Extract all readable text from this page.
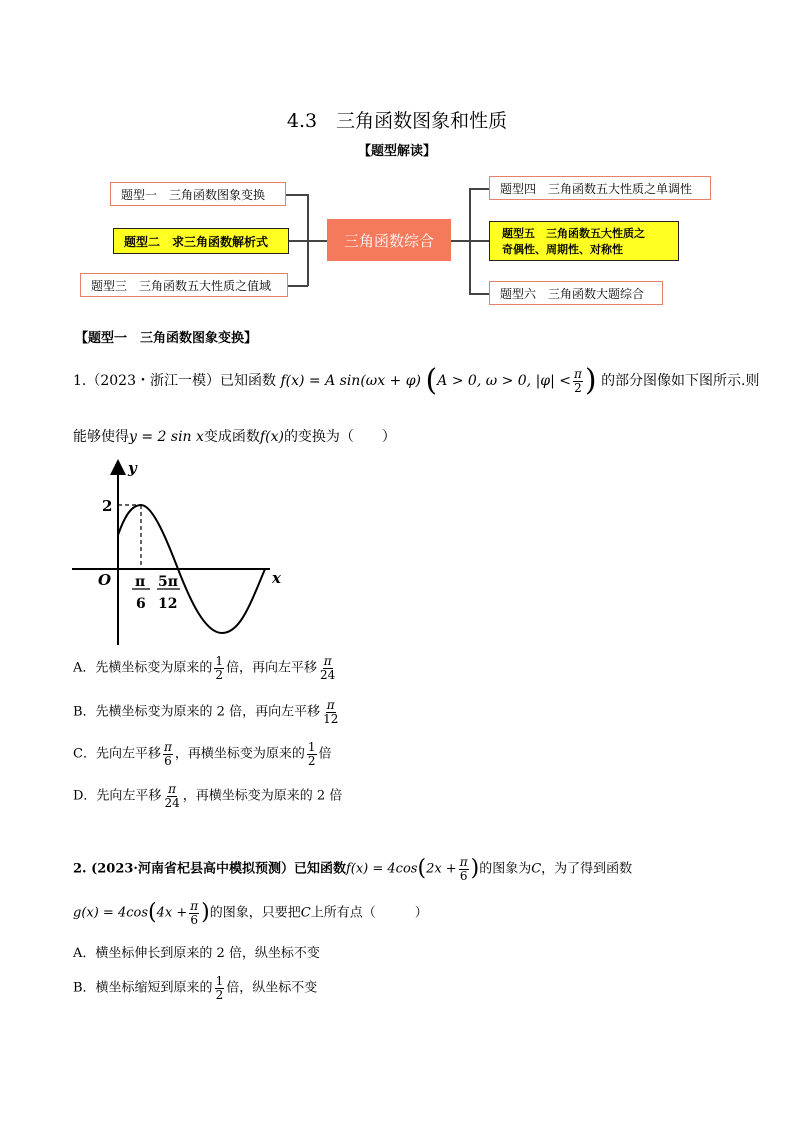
4.3　三角函数图象和性质
【题型解读】
题型一　三角函数图象变换
题型二　求三角函数解析式
题型三　三角函数五大性质之值域
三角函数综合
题型四　三角函数五大性质之单调性
题型五　三角函数五大性质之
奇偶性、周期性、对称性
题型六　三角函数大题综合
【题型一　三角函数图象变换】
1.（2023・浙江一模）已知函数 f(x) = A sin(ωx + φ) (A > 0, ω > 0, $|\varphi| < \frac{\pi}{2}$ ) 的部分图像如下图所示.则
能够使得y = 2 sin x变成函数f(x)的变换为（　　）
y
x
O
2
π
6
5π
12
A．先横坐标变为原来的 $\frac{1}{2}$ 倍，再向左平移 $\frac{\pi}{24}$
B．先横坐标变为原来的 2 倍，再向左平移 $\frac{\pi}{12}$
C．先向左平移 $\frac{\pi}{6}$ ，再横坐标变为原来的 $\frac{1}{2}$ 倍
D．先向左平移 $\frac{\pi}{24}$ ，再横坐标变为原来的 2 倍
2. (2023·河南省杞县高中模拟预测）已知函数$f(x) = 4\cos(2x + \frac{\pi}{6}$ )的图象为C，为了得到函数
$g(x) = 4\cos(4x + \frac{\pi}{6}$ )的图象，只要把C上所有点（　　　）
A．横坐标伸长到原来的 2 倍，纵坐标不变
B．横坐标缩短到原来的 $\frac{1}{2}$ 倍，纵坐标不变
